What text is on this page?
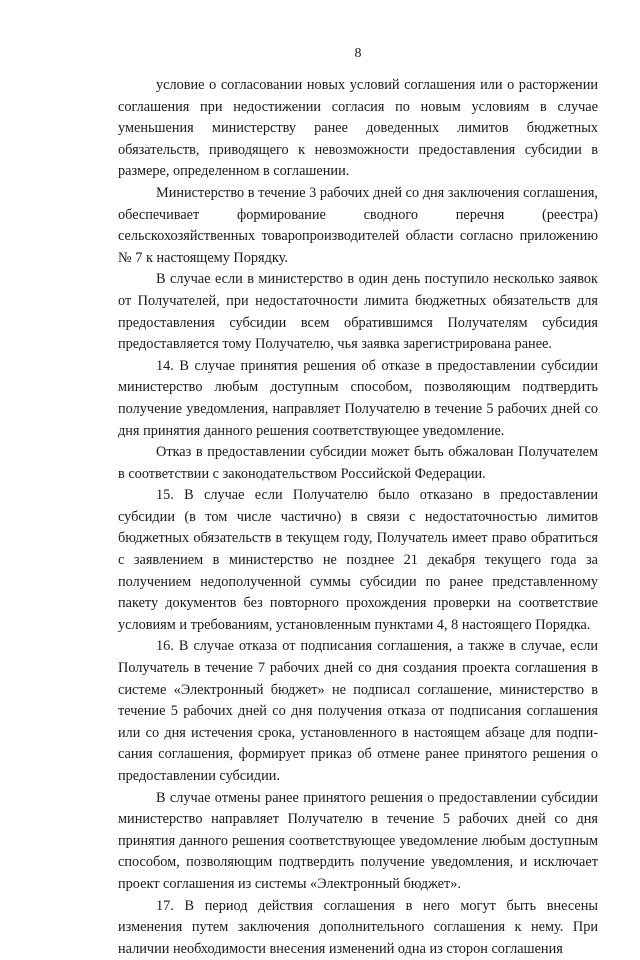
8

условие о согласовании новых условий соглашения или о расторжении соглашения при недостижении согласия по новым условиям в случае уменьшения министерству ранее доведенных лимитов бюджетных обязательств, приводящего к невозможности предоставления субсидии в размере, определенном в соглашении.

Министерство в течение 3 рабочих дней со дня заключения соглашения, обеспечивает формирование сводного перечня (реестра) сельскохозяйственных товаропроизводителей области согласно приложению № 7 к настоящему Порядку.

В случае если в министерство в один день поступило несколько заявок от Получателей, при недостаточности лимита бюджетных обязательств для предоставления субсидии всем обратившимся Получателям субсидия предоставляется тому Получателю, чья заявка зарегистрирована ранее.

14. В случае принятия решения об отказе в предоставлении субсидии министерство любым доступным способом, позволяющим подтвердить получение уведомления, направляет Получателю в течение 5 рабочих дней со дня принятия данного решения соответствующее уведомление.

Отказ в предоставлении субсидии может быть обжалован Получателем в соответствии с законодательством Российской Федерации.

15. В случае если Получателю было отказано в предоставлении субсидии (в том числе частично) в связи с недостаточностью лимитов бюджетных обязательств в текущем году, Получатель имеет право обратиться с заявлением в министерство не позднее 21 декабря текущего года за получением недополученной суммы субсидии по ранее представленному пакету документов без повторного прохождения проверки на соответствие условиям и требованиям, установленным пунктами 4, 8 настоящего Порядка.

16. В случае отказа от подписания соглашения, а также в случае, если Получатель в течение 7 рабочих дней со дня создания проекта соглашения в системе «Электронный бюджет» не подписал соглашение, министерство в течение 5 рабочих дней со дня получения отказа от подписания соглашения или со дня истечения срока, установленного в настоящем абзаце для подписания соглашения, формирует приказ об отмене ранее принятого решения о предоставлении субсидии.

В случае отмены ранее принятого решения о предоставлении субсидии министерство направляет Получателю в течение 5 рабочих дней со дня принятия данного решения соответствующее уведомление любым доступным способом, позволяющим подтвердить получение уведомления, и исключает проект соглашения из системы «Электронный бюджет».

17. В период действия соглашения в него могут быть внесены изменения путем заключения дополнительного соглашения к нему. При наличии необходимости внесения изменений одна из сторон соглашения
